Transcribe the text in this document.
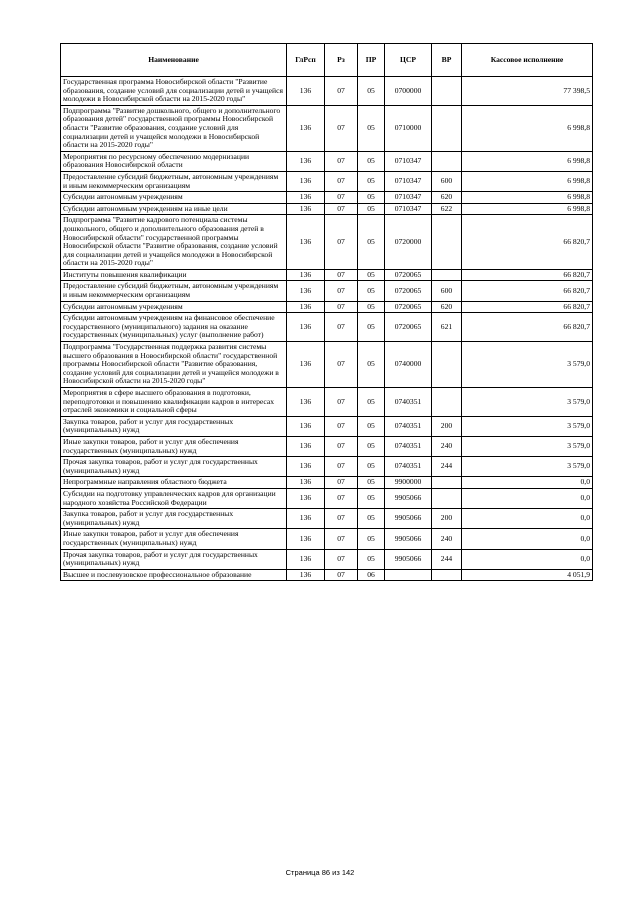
Наименование	ГлРсп	Рз	ПР	ЦСР	ВР	Кассовое исполнение
Государственная программа Новосибирской области "Развитие образования, создание условий для социализации детей и учащейся молодежи в Новосибирской области на 2015-2020 годы"	136	07	05	0700000		77 398,5
Подпрограмма "Развитие дошкольного, общего и дополнительного образования детей" государственной программы Новосибирской области "Развитие образования, создание условий для социализации детей и учащейся молодежи в Новосибирской области на 2015-2020 годы"	136	07	05	0710000		6 998,8
Мероприятия по ресурсному обеспечению модернизации образования Новосибирской области	136	07	05	0710347		6 998,8
Предоставление субсидий бюджетным, автономным учреждениям и иным некоммерческим организациям	136	07	05	0710347	600	6 998,8
Субсидии автономным учреждениям	136	07	05	0710347	620	6 998,8
Субсидии автономным учреждениям на иные цели	136	07	05	0710347	622	6 998,8
Подпрограмма "Развитие кадрового потенциала системы дошкольного, общего и дополнительного образования детей в Новосибирской области" государственной программы Новосибирской области "Развитие образования, создание условий для социализации детей и учащейся молодежи в Новосибирской области на 2015-2020 годы"	136	07	05	0720000		66 820,7
Институты повышения квалификации	136	07	05	0720065		66 820,7
Предоставление субсидий бюджетным, автономным учреждениям и иным некоммерческим организациям	136	07	05	0720065	600	66 820,7
Субсидии автономным учреждениям	136	07	05	0720065	620	66 820,7
Субсидии автономным учреждениям на финансовое обеспечение государственного (муниципального) задания на оказание государственных (муниципальных) услуг (выполнение работ)	136	07	05	0720065	621	66 820,7
Подпрограмма "Государственная поддержка развития системы высшего образования в Новосибирской области" государственной программы Новосибирской области "Развитие образования, создание условий для социализации детей и учащейся молодежи в Новосибирской области на 2015-2020 годы"	136	07	05	0740000		3 579,0
Мероприятия в сфере высшего образования в подготовки, переподготовки и повышению квалификации кадров в интересах отраслей экономики и социальной сферы	136	07	05	0740351		3 579,0
Закупка товаров, работ и услуг для государственных (муниципальных) нужд	136	07	05	0740351	200	3 579,0
Иные закупки товаров, работ и услуг для обеспечения государственных (муниципальных) нужд	136	07	05	0740351	240	3 579,0
Прочая закупка товаров, работ и услуг для государственных (муниципальных) нужд	136	07	05	0740351	244	3 579,0
Непрограммные направления областного бюджета	136	07	05	9900000		0,0
Субсидии на подготовку управленческих кадров для организации народного хозяйства Российской Федерации	136	07	05	9905066		0,0
Закупка товаров, работ и услуг для государственных (муниципальных) нужд	136	07	05	9905066	200	0,0
Иные закупки товаров, работ и услуг для обеспечения государственных (муниципальных) нужд	136	07	05	9905066	240	0,0
Прочая закупка товаров, работ и услуг для государственных (муниципальных) нужд	136	07	05	9905066	244	0,0
Высшее и послевузовское профессиональное образование	136	07	06			4 051,9
Страница 86 из 142
